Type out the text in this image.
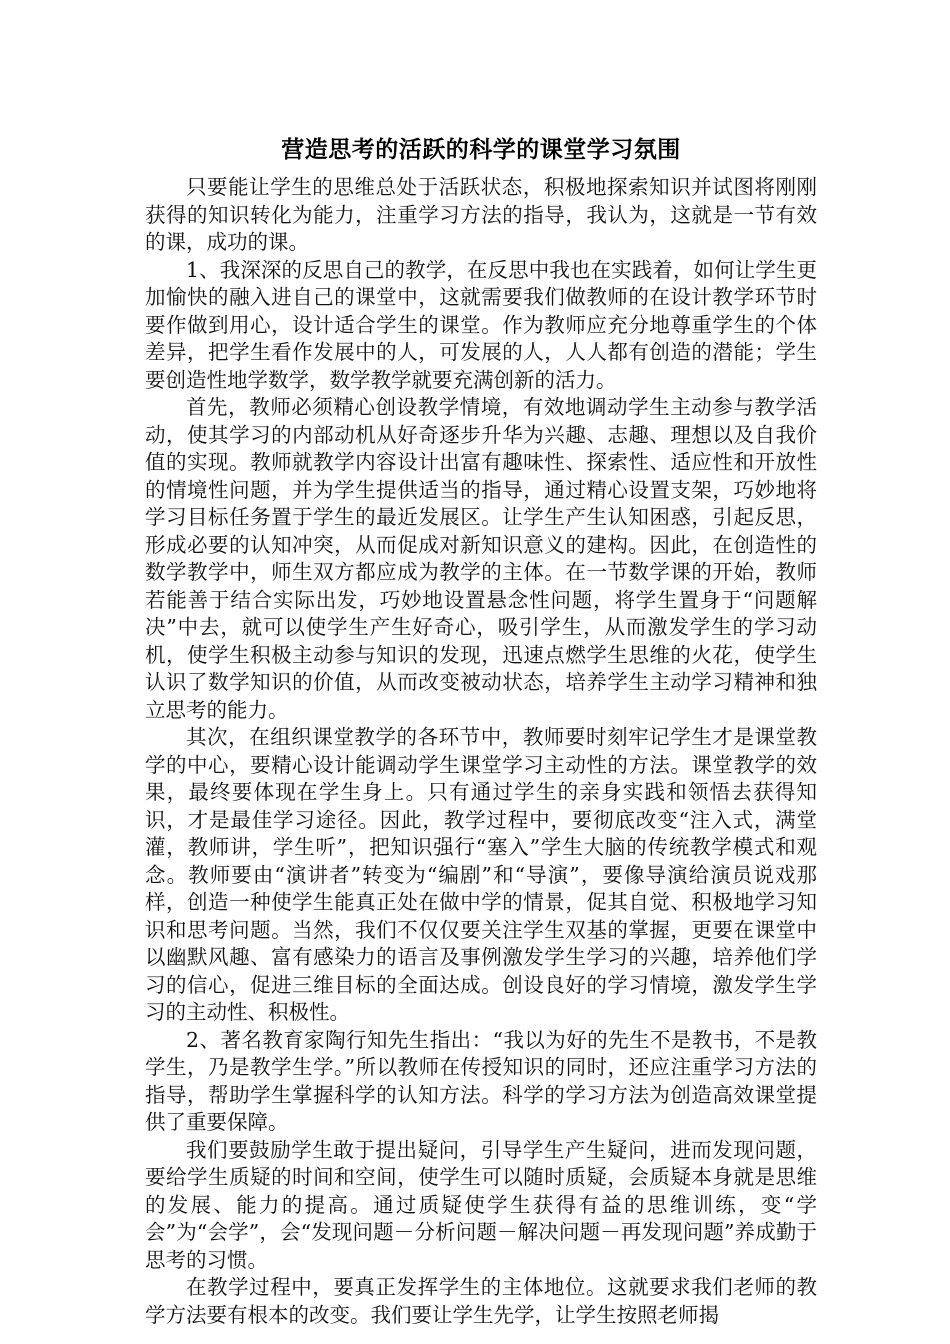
营造思考的活跃的科学的课堂学习氛围

只要能让学生的思维总处于活跃状态，积极地探索知识并试图将刚刚获得的知识转化为能力，注重学习方法的指导，我认为，这就是一节有效的课，成功的课。

1、我深深的反思自己的教学，在反思中我也在实践着，如何让学生更加愉快的融入进自己的课堂中，这就需要我们做教师的在设计教学环节时要作做到用心，设计适合学生的课堂。作为教师应充分地尊重学生的个体差异，把学生看作发展中的人，可发展的人，人人都有创造的潜能；学生要创造性地学数学，数学教学就要充满创新的活力。

首先，教师必须精心创设教学情境，有效地调动学生主动参与教学活动，使其学习的内部动机从好奇逐步升华为兴趣、志趣、理想以及自我价值的实现。教师就教学内容设计出富有趣味性、探索性、适应性和开放性的情境性问题，并为学生提供适当的指导，通过精心设置支架，巧妙地将学习目标任务置于学生的最近发展区。让学生产生认知困惑，引起反思，形成必要的认知冲突，从而促成对新知识意义的建构。因此，在创造性的数学教学中，师生双方都应成为教学的主体。在一节数学课的开始，教师若能善于结合实际出发，巧妙地设置悬念性问题，将学生置身于“问题解决”中去，就可以使学生产生好奇心，吸引学生，从而激发学生的学习动机，使学生积极主动参与知识的发现，迅速点燃学生思维的火花，使学生认识了数学知识的价值，从而改变被动状态，培养学生主动学习精神和独立思考的能力。

其次，在组织课堂教学的各环节中，教师要时刻牢记学生才是课堂教学的中心，要精心设计能调动学生课堂学习主动性的方法。课堂教学的效果，最终要体现在学生身上。只有通过学生的亲身实践和领悟去获得知识，才是最佳学习途径。因此，教学过程中，要彻底改变“注入式，满堂灌，教师讲，学生听”，把知识强行“塞入”学生大脑的传统教学模式和观念。教师要由“演讲者”转变为“编剧”和“导演”，要像导演给演员说戏那样，创造一种使学生能真正处在做中学的情景，促其自觉、积极地学习知识和思考问题。当然，我们不仅仅要关注学生双基的掌握，更要在课堂中以幽默风趣、富有感染力的语言及事例激发学生学习的兴趣，培养他们学习的信心，促进三维目标的全面达成。创设良好的学习情境，激发学生学习的主动性、积极性。

2、著名教育家陶行知先生指出：“我以为好的先生不是教书，不是教学生，乃是教学生学。”所以教师在传授知识的同时，还应注重学习方法的指导，帮助学生掌握科学的认知方法。科学的学习方法为创造高效课堂提供了重要保障。

我们要鼓励学生敢于提出疑问，引导学生产生疑问，进而发现问题，要给学生质疑的时间和空间，使学生可以随时质疑，会质疑本身就是思维的发展、能力的提高。通过质疑使学生获得有益的思维训练，变“学会”为“会学”，会“发现问题－分析问题－解决问题－再发现问题”养成勤于思考的习惯。

在教学过程中，要真正发挥学生的主体地位。这就要求我们老师的教学方法要有根本的改变。我们要让学生先学，让学生按照老师揭
